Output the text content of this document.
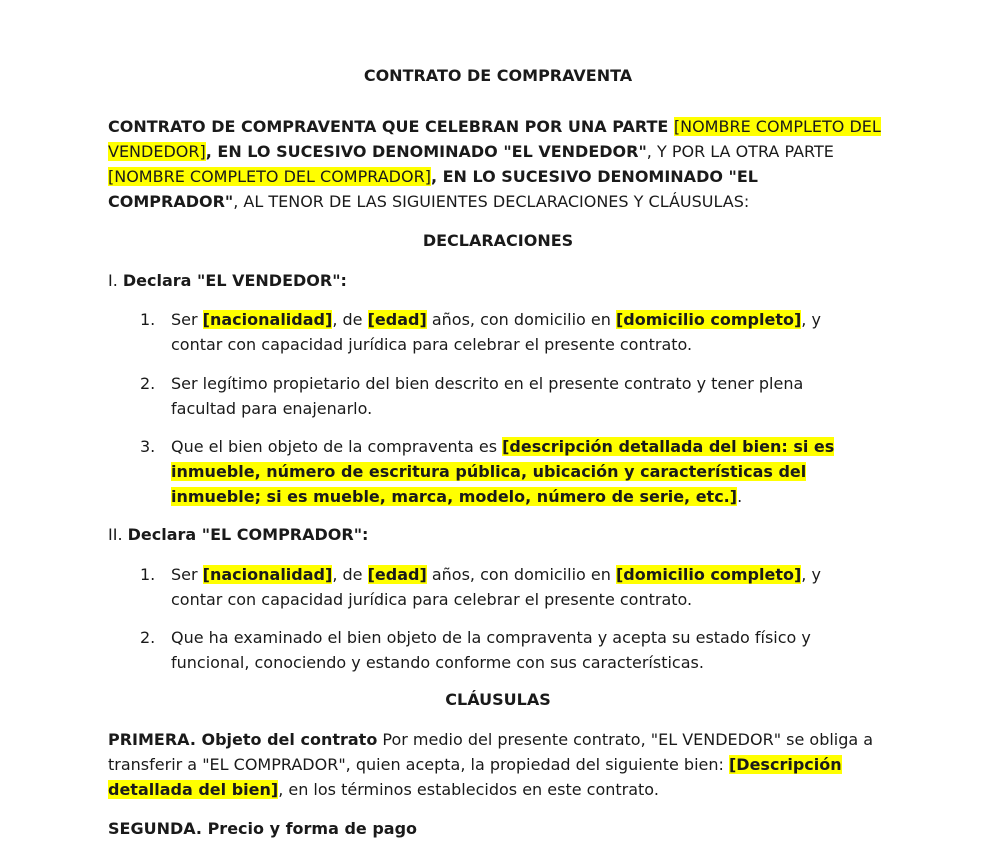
CONTRATO DE COMPRAVENTA
CONTRATO DE COMPRAVENTA QUE CELEBRAN POR UNA PARTE [NOMBRE COMPLETO DEL VENDEDOR], EN LO SUCESIVO DENOMINADO "EL VENDEDOR", Y POR LA OTRA PARTE [NOMBRE COMPLETO DEL COMPRADOR], EN LO SUCESIVO DENOMINADO "EL COMPRADOR", AL TENOR DE LAS SIGUIENTES DECLARACIONES Y CLÁUSULAS:
DECLARACIONES
I. Declara "EL VENDEDOR":
1. Ser [nacionalidad], de [edad] años, con domicilio en [domicilio completo], y contar con capacidad jurídica para celebrar el presente contrato.
2. Ser legítimo propietario del bien descrito en el presente contrato y tener plena facultad para enajenarlo.
3. Que el bien objeto de la compraventa es [descripción detallada del bien: si es inmueble, número de escritura pública, ubicación y características del inmueble; si es mueble, marca, modelo, número de serie, etc.].
II. Declara "EL COMPRADOR":
1. Ser [nacionalidad], de [edad] años, con domicilio en [domicilio completo], y contar con capacidad jurídica para celebrar el presente contrato.
2. Que ha examinado el bien objeto de la compraventa y acepta su estado físico y funcional, conociendo y estando conforme con sus características.
CLÁUSULAS
PRIMERA. Objeto del contrato Por medio del presente contrato, "EL VENDEDOR" se obliga a transferir a "EL COMPRADOR", quien acepta, la propiedad del siguiente bien: [Descripción detallada del bien], en los términos establecidos en este contrato.
SEGUNDA. Precio y forma de pago
